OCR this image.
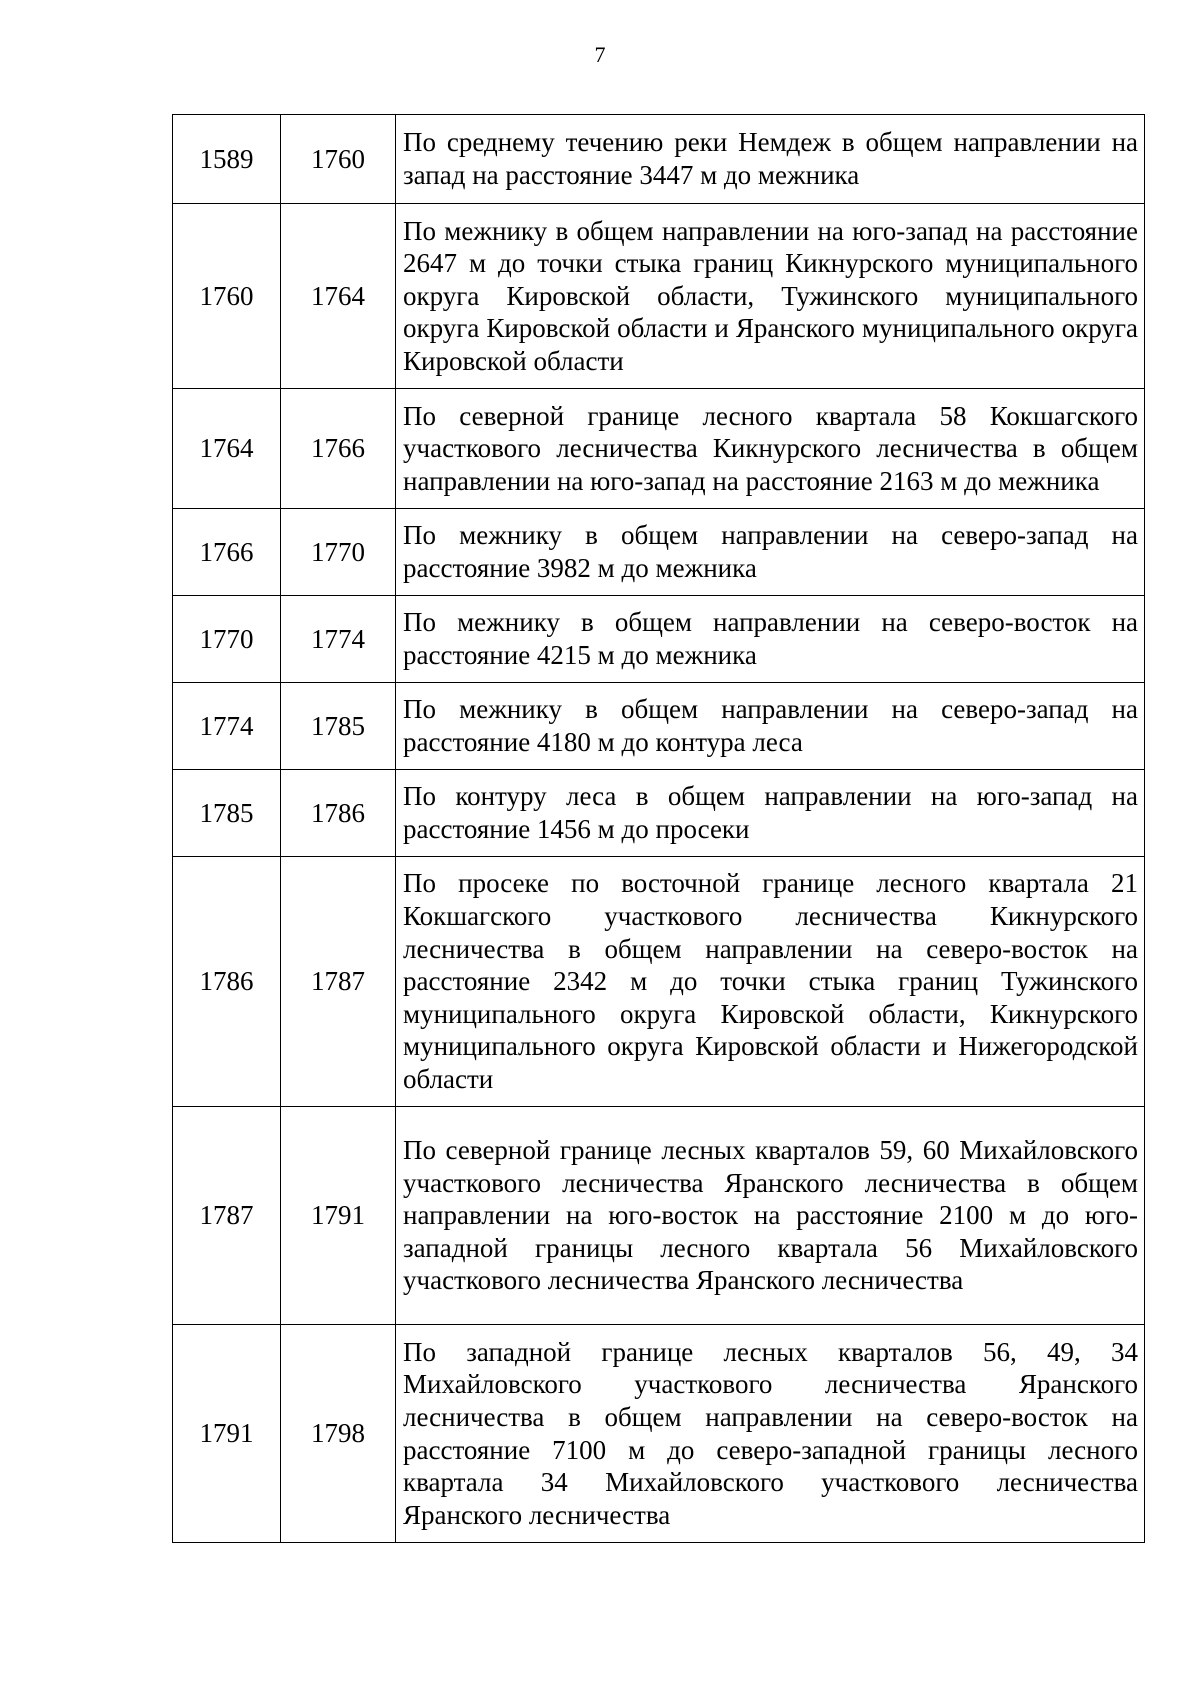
7
1589	1760	По среднему течению реки Немдеж в общем направлении на запад на расстояние 3447 м до межника
1760	1764	По межнику в общем направлении на юго-запад на расстояние 2647 м до точки стыка границ Кикнурского муниципального округа Кировской области, Тужинского муниципального округа Кировской области и Яранского муниципального округа Кировской области
1764	1766	По северной границе лесного квартала 58 Кокшагского участкового лесничества Кикнурского лесничества в общем направлении на юго-запад на расстояние 2163 м до межника
1766	1770	По межнику в общем направлении на северо-запад на расстояние 3982 м до межника
1770	1774	По межнику в общем направлении на северо-восток на расстояние 4215 м до межника
1774	1785	По межнику в общем направлении на северо-запад на расстояние 4180 м до контура леса
1785	1786	По контуру леса в общем направлении на юго-запад на расстояние 1456 м до просеки
1786	1787	По просеке по восточной границе лесного квартала 21 Кокшагского участкового лесничества Кикнурского лесничества в общем направлении на северо-восток на расстояние 2342 м до точки стыка границ Тужинского муниципального округа Кировской области, Кикнурского муниципального округа Кировской области и Нижегородской области
1787	1791	По северной границе лесных кварталов 59, 60 Михайловского участкового лесничества Яранского лесничества в общем направлении на юго-восток на расстояние 2100 м до юго-западной границы лесного квартала 56 Михайловского участкового лесничества Яранского лесничества
1791	1798	По западной границе лесных кварталов 56, 49, 34 Михайловского участкового лесничества Яранского лесничества в общем направлении на северо-восток на расстояние 7100 м до северо-западной границы лесного квартала 34 Михайловского участкового лесничества Яранского лесничества
